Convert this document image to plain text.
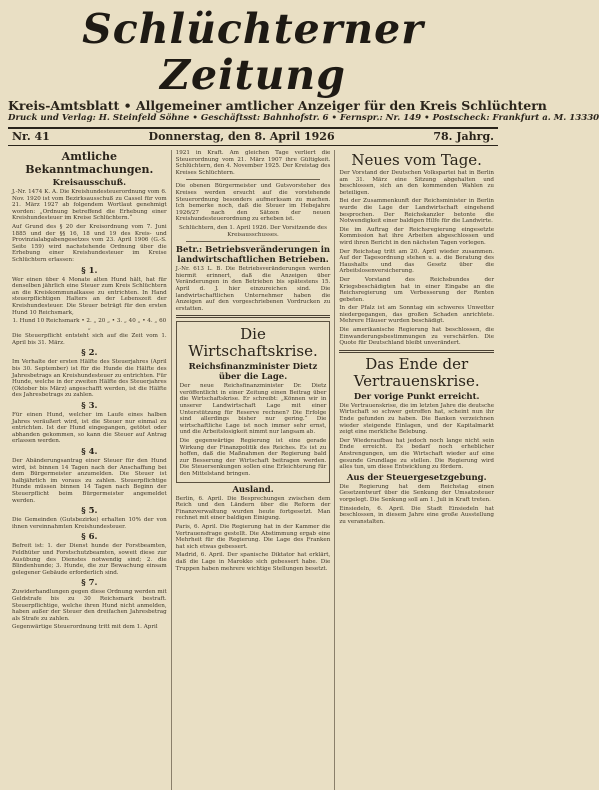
Schlüchterner Zeitung
Kreis-Amtsblatt • Allgemeiner amtlicher Anzeiger für den Kreis Schlüchtern
Druck und Verlag: H. Steinfeld Söhne • Geschäftsst: Bahnhofstr. 6 • Fernspr.: Nr. 149 • Postscheck: Frankfurt a. M. 13330
Nr. 41	Donnerstag, den 8. April 1926	78. Jahrg.
Amtliche Bekanntmachungen.
Kreisausschuß.

J.-Nr. 1474 K. A. Die Kreishundesteuerordnung vom 6. Nov. 1920 ist vom Bezirksausschuß zu Cassel für vom 21. März 1927 ab folgendem Wortlaut genehmigt worden: „Ordnung betreffend die Erhebung einer Kreishundesteuer im Kreise Schlüchtern.“

Auf Grund des § 20 der Kreisordnung vom 7. Juni 1885 und der §§ 16, 18 und 19 des Kreis- und Provinzialabgabengesetzes vom 23. April 1906 (G.-S. Seite 159) wird nachstehende Ordnung über die Erhebung einer Kreishundesteuer im Kreise Schlüchtern erlassen:

§ 1.

Wer einen über 4 Monate alten Hund hält, hat für denselben jährlich eine Steuer zum Kreis Schlüchtern an die Kreiskommunalkasse zu entrichten. In Hand steuerpflichtigen Halters an der Lebenszeit der Kreishundesteuer. Die Steuer beträgt für den ersten Hund 10 Reichsmark,

1. Hund 10 Reichsmark • 2. „ 20 „ • 3. „ 40 „ • 4. „ 60 „

Die Steuerpflicht entsteht sich auf die Zeit vom 1. April bis 31. März.

§ 2.

Im Verhalte der ersten Hälfte des Steuerjahres (April bis 30. September) ist für die Hunde die Hälfte des Jahresbetrags an Kreishundesteuer zu entrichten. Für Hunde, welche in der zweiten Hälfte des Steuerjahres (Oktober bis März) angeschafft werden, ist die Hälfte des Jahresbetrags zu zahlen.

§ 3.

Für einen Hund, welcher im Laufe eines halben Jahres veräußert wird, ist die Steuer nur einmal zu entrichten. Ist der Hund eingegangen, getötet oder abhanden gekommen, so kann die Steuer auf Antrag erlassen werden.

§ 4.

Der Abänderungsantrag einer Steuer für den Hund wird, ist binnen 14 Tagen nach der Anschaffung bei dem Bürgermeister anzumelden. Die Steuer ist halbjährlich im voraus zu zahlen. Steuerpflichtige Hunde müssen binnen 14 Tagen nach Beginn der Steuerpflicht beim Bürgermeister angemeldet werden.

§ 5.

Die Gemeinden (Gutsbezirke) erhalten 10% der von ihnen vereinnahmten Kreishundesteuer.

§ 6.

Befreit ist: 1. der Dienst hunde der Forstbeamten, Feldhüter und Forstschutzbeamten, soweit diese zur Ausübung des Dienstes notwendig sind; 2. die Blindenhunde; 3. Hunde, die zur Bewachung einsam gelegener Gebäude erforderlich sind.

§ 7.

Zuwiderhandlungen gegen diese Ordnung werden mit Geldstrafe bis zu 30 Reichsmark bestraft. Steuerpflichtige, welche ihren Hund nicht anmelden, haben außer der Steuer den dreifachen Jahresbetrag als Strafe zu zahlen.

Gegenwärtige Steuerordnung tritt mit dem 1. April

1921 in Kraft. Am gleichen Tage verliert die Steuerordnung vom 21. März 1907 ihre Gültigkeit. Schlüchtern, den 4. November 1925. Der Kreistag des Kreises Schlüchtern.

Die obenen Bürgermeister und Gutsvorsteher des Kreises werden ersucht auf die vorstehende Steuerordnung besonders aufmerksam zu machen. Ich bemerke noch, daß die Steuer im Hebejahre 1926/27 nach den Sätzen der neuen Kreishundesteuerordnung zu erheben ist.

Schlüchtern, den 1. April 1926. Der Vorsitzende des Kreisausschusses.

Betr.: Betriebsveränderungen in landwirtschaftlichen Betrieben.

J.-Nr. 613 L. B. Die Betriebsveränderungen werden hiermit erinnert, daß die Anzeigen über Veränderungen in den Betrieben bis spätestens 15. April d. J. hier einzureichen sind. Die landwirtschaftlichen Unternehmer haben die Anzeigen auf den vorgeschriebenen Vordrucken zu erstatten.

Die Wirtschaftskrise.
Reichsfinanzminister Dietz über die Lage.

Der neue Reichsfinanzminister Dr. Dietz veröffentlicht in einer Zeitung einen Beitrag über die Wirtschaftskrise. Er schreibt: „Können wir in unserer Landwirtschaft Lage mit einer Unterstützung für Reserve rechnen? Die Erfolge sind allerdings bisher nur gering.“ Die wirtschaftliche Lage ist noch immer sehr ernst, und die Arbeitslosigkeit nimmt nur langsam ab.

Die gegenwärtige Regierung ist eine gerade Wirkung der Finanzpolitik des Reiches. Es ist zu hoffen, daß die Maßnahmen der Regierung bald zur Besserung der Wirtschaft beitragen werden. Die Steuersenkungen sollen eine Erleichterung für den Mittelstand bringen.

Ausland.

Berlin, 6. April. Die Besprechungen zwischen dem Reich und den Ländern über die Reform der Finanzverwaltung wurden heute fortgesetzt. Man rechnet mit einer baldigen Einigung.

Paris, 6. April. Die Regierung hat in der Kammer die Vertrauensfrage gestellt. Die Abstimmung ergab eine Mehrheit für die Regierung. Die Lage des Franken hat sich etwas gebessert.

Madrid, 6. April. Der spanische Diktator hat erklärt, daß die Lage in Marokko sich gebessert habe. Die Truppen haben mehrere wichtige Stellungen besetzt.

Neues vom Tage.

Der Vorstand der Deutschen Volkspartei hat in Berlin am 31. März eine Sitzung abgehalten und beschlossen, sich an den kommenden Wahlen zu beteiligen.

Bei der Zusammenkunft der Reichsminister in Berlin wurde die Lage der Landwirtschaft eingehend besprochen. Der Reichskanzler betonte die Notwendigkeit einer baldigen Hilfe für die Landwirte.

Die im Auftrag der Reichsregierung eingesetzte Kommission hat ihre Arbeiten abgeschlossen und wird ihren Bericht in den nächsten Tagen vorlegen.

Der Reichstag tritt am 20. April wieder zusammen. Auf der Tagesordnung stehen u. a. die Beratung des Haushalts und das Gesetz über die Arbeitslosenversicherung.

Der Vorstand des Reichsbundes der Kriegsbeschädigten hat in einer Eingabe an die Reichsregierung um Verbesserung der Renten gebeten.

In der Pfalz ist am Sonntag ein schweres Unwetter niedergegangen, das großen Schaden anrichtete. Mehrere Häuser wurden beschädigt.

Die amerikanische Regierung hat beschlossen, die Einwanderungsbestimmungen zu verschärfen. Die Quote für Deutschland bleibt unverändert.

Das Ende der Vertrauenskrise.
Der vorige Punkt erreicht.

Die Vertrauenskrise, die im letzten Jahre die deutsche Wirtschaft so schwer getroffen hat, scheint nun ihr Ende gefunden zu haben. Die Banken verzeichnen wieder steigende Einlagen, und der Kapitalmarkt zeigt eine merkliche Belebung.

Der Wiederaufbau hat jedoch noch lange nicht sein Ende erreicht. Es bedarf noch erheblicher Anstrengungen, um die Wirtschaft wieder auf eine gesunde Grundlage zu stellen. Die Regierung wird alles tun, um diese Entwicklung zu fördern.

Aus der Steuergesetzgebung.

Die Regierung hat dem Reichstag einen Gesetzentwurf über die Senkung der Umsatzsteuer vorgelegt. Die Senkung soll am 1. Juli in Kraft treten.

Einsiedeln, 6. April. Die Stadt Einsiedeln hat beschlossen, in diesem Jahre eine große Ausstellung zu veranstalten.
